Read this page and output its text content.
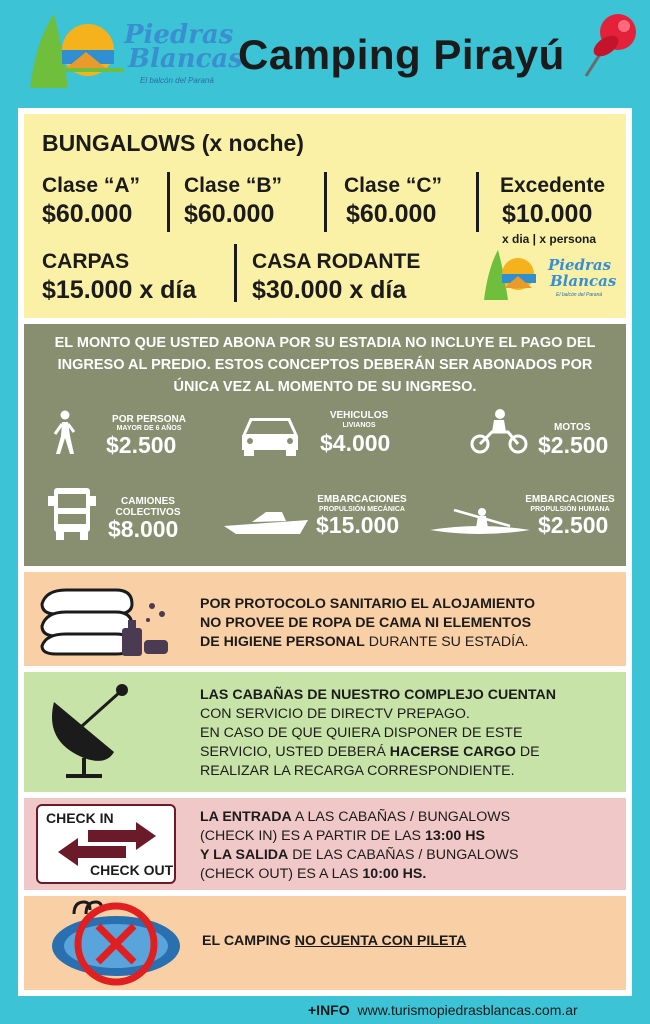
Piedras
Blancas
El balcón del Paraná
Camping Pirayú
BUNGALOWS (x noche)
Clase “A”
$60.000
Clase “B”
$60.000
Clase “C”
$60.000
Excedente
$10.000
x dia | x persona
CARPAS
$15.000 x día
CASA RODANTE
$30.000 x día
Piedras
Blancas
El balcón del Paraná
EL MONTO QUE USTED ABONA POR SU ESTADIA NO INCLUYE EL PAGO DEL INGRESO AL PREDIO. ESTOS CONCEPTOS DEBERÁN SER ABONADOS POR ÚNICA VEZ AL MOMENTO DE SU INGRESO.
POR PERSONA
MAYOR DE 6 AÑOS
$2.500
VEHICULOS
LIVIANOS
$4.000
MOTOS
$2.500
CAMIONES
COLECTIVOS
$8.000
EMBARCACIONES
PROPULSIÓN MECÁNICA
$15.000
EMBARCACIONES
PROPULSIÓN HUMANA
$2.500
POR PROTOCOLO SANITARIO EL ALOJAMIENTO
NO PROVEE DE ROPA DE CAMA NI ELEMENTOS
DE HIGIENE PERSONAL DURANTE SU ESTADÍA.
LAS CABAÑAS DE NUESTRO COMPLEJO CUENTAN
CON SERVICIO DE DIRECTV PREPAGO.
EN CASO DE QUE QUIERA DISPONER DE ESTE
SERVICIO, USTED DEBERÁ HACERSE CARGO DE
REALIZAR LA RECARGA CORRESPONDIENTE.
CHECK IN
CHECK OUT
LA ENTRADA A LAS CABAÑAS / BUNGALOWS
(CHECK IN) ES A PARTIR DE LAS 13:00 HS
Y LA SALIDA DE LAS CABAÑAS / BUNGALOWS
(CHECK OUT) ES A LAS 10:00 HS.
EL CAMPING NO CUENTA CON PILETA
+INFO www.turismopiedrasblancas.com.ar
